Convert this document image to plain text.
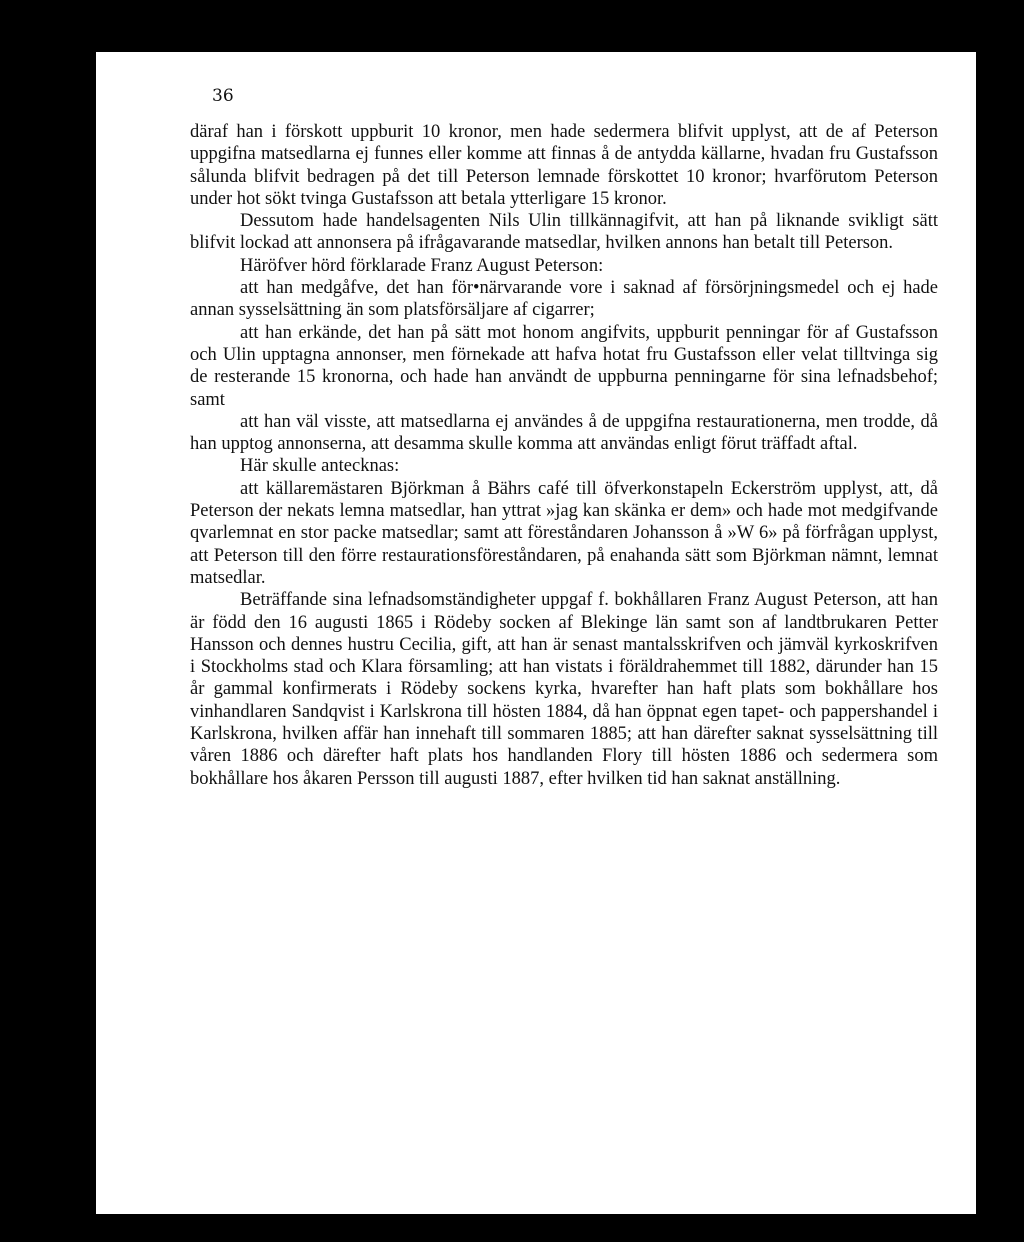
36

däraf han i förskott uppburit 10 kronor, men hade sedermera blifvit upplyst, att de af Peterson uppgifna matsedlarna ej funnes eller komme att finnas å de antydda källarne, hvadan fru Gustafsson sålunda blifvit bedragen på det till Peterson lemnade förskottet 10 kronor; hvarförutom Peterson under hot sökt tvinga Gustafsson att betala ytterligare 15 kronor.

Dessutom hade handelsagenten Nils Ulin tillkännagifvit, att han på liknande svikligt sätt blifvit lockad att annonsera på ifrågavarande matsedlar, hvilken annons han betalt till Peterson.

Häröfver hörd förklarade Franz August Peterson:

att han medgåfve, det han för•närvarande vore i saknad af försörjningsmedel och ej hade annan sysselsättning än som platsförsäljare af cigarrer;

att han erkände, det han på sätt mot honom angifvits, uppburit penningar för af Gustafsson och Ulin upptagna annonser, men förnekade att hafva hotat fru Gustafsson eller velat tilltvinga sig de resterande 15 kronorna, och hade han användt de uppburna penningarne för sina lefnadsbehof; samt

att han väl visste, att matsedlarna ej användes å de uppgifna restaurationerna, men trodde, då han upptog annonserna, att desamma skulle komma att användas enligt förut träffadt aftal.

Här skulle antecknas:

att källaremästaren Björkman å Bährs café till öfverkonstapeln Eckerström upplyst, att, då Peterson der nekats lemna matsedlar, han yttrat »jag kan skänka er dem» och hade mot medgifvande qvarlemnat en stor packe matsedlar; samt att föreståndaren Johansson å »W 6» på förfrågan upplyst, att Peterson till den förre restaurationsföreståndaren, på enahanda sätt som Björkman nämnt, lemnat matsedlar.

Beträffande sina lefnadsomständigheter uppgaf f. bokhållaren Franz August Peterson, att han är född den 16 augusti 1865 i Rödeby socken af Blekinge län samt son af landtbrukaren Petter Hansson och dennes hustru Cecilia, gift, att han är senast mantalsskrifven och jämväl kyrkoskrifven i Stockholms stad och Klara församling; att han vistats i föräldrahemmet till 1882, därunder han 15 år gammal konfirmerats i Rödeby sockens kyrka, hvarefter han haft plats som bokhållare hos vinhandlaren Sandqvist i Karlskrona till hösten 1884, då han öppnat egen tapet- och pappershandel i Karlskrona, hvilken affär han innehaft till sommaren 1885; att han därefter saknat sysselsättning till våren 1886 och därefter haft plats hos handlanden Flory till hösten 1886 och sedermera som bokhållare hos åkaren Persson till augusti 1887, efter hvilken tid han saknat anställning.
